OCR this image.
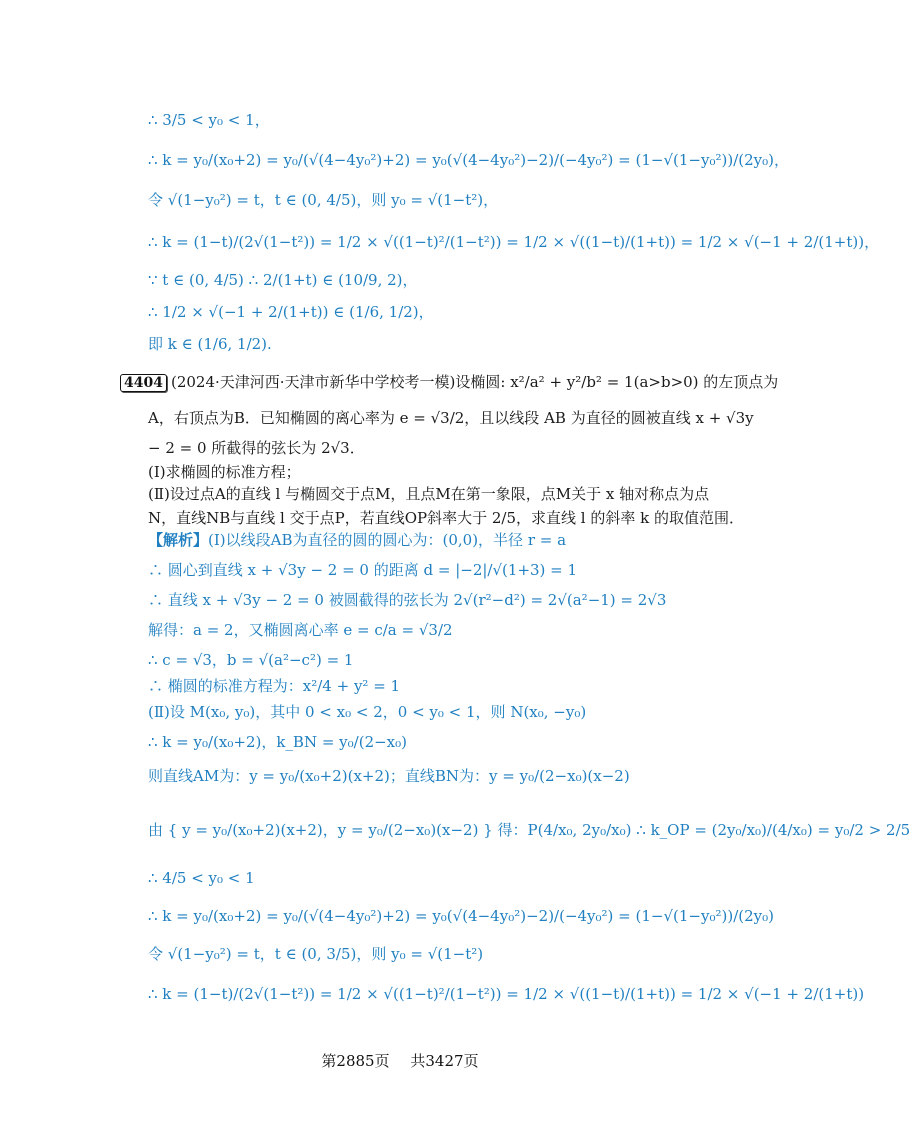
∴ 3/5 < y₀ < 1，
∴ k = y₀/(x₀+2) = y₀/(√(4−4y₀²)+2) = y₀(√(4−4y₀²)−2)/(−4y₀²) = (1−√(1−y₀²))/(2y₀)，
令 √(1−y₀²) = t，t ∈ (0, 4/5)，则 y₀ = √(1−t²)，
∴ k = (1−t)/(2√(1−t²)) = 1/2 × √((1−t)²/(1−t²)) = 1/2 × √((1−t)/(1+t)) = 1/2 × √(−1 + 2/(1+t))，
∵ t ∈ (0, 4/5) ∴ 2/(1+t) ∈ (10/9, 2)，
∴ 1/2 × √(−1 + 2/(1+t)) ∈ (1/6, 1/2)，
即 k ∈ (1/6, 1/2).
4404 (2024·天津河西·天津市新华中学校考一模)设椭圆: x²/a² + y²/b² = 1(a>b>0) 的左顶点为
A，右顶点为B．已知椭圆的离心率为 e = √3/2，且以线段 AB 为直径的圆被直线 x + √3y
− 2 = 0 所截得的弦长为 2√3．
(Ⅰ)求椭圆的标准方程；
(Ⅱ)设过点A的直线 l 与椭圆交于点M，且点M在第一象限，点M关于 x 轴对称点为点
N，直线NB与直线 l 交于点P，若直线OP斜率大于 2/5，求直线 l 的斜率 k 的取值范围．
【解析】(Ⅰ)以线段AB为直径的圆的圆心为：(0,0)，半径 r = a
∴ 圆心到直线 x + √3y − 2 = 0 的距离 d = |−2|/√(1+3) = 1
∴ 直线 x + √3y − 2 = 0 被圆截得的弦长为 2√(r²−d²) = 2√(a²−1) = 2√3
解得：a = 2，又椭圆离心率 e = c/a = √3/2
∴ c = √3，b = √(a²−c²) = 1
∴ 椭圆的标准方程为：x²/4 + y² = 1
(Ⅱ)设 M(x₀, y₀)，其中 0 < x₀ < 2，0 < y₀ < 1，则 N(x₀, −y₀)
∴ k = y₀/(x₀+2)，k_BN = y₀/(2−x₀)
则直线AM为：y = y₀/(x₀+2)(x+2)；直线BN为：y = y₀/(2−x₀)(x−2)
由 { y = y₀/(x₀+2)(x+2)，y = y₀/(2−x₀)(x−2) } 得：P(4/x₀, 2y₀/x₀) ∴ k_OP = (2y₀/x₀)/(4/x₀) = y₀/2 > 2/5
∴ 4/5 < y₀ < 1
∴ k = y₀/(x₀+2) = y₀/(√(4−4y₀²)+2) = y₀(√(4−4y₀²)−2)/(−4y₀²) = (1−√(1−y₀²))/(2y₀)
令 √(1−y₀²) = t，t ∈ (0, 3/5)，则 y₀ = √(1−t²)
∴ k = (1−t)/(2√(1−t²)) = 1/2 × √((1−t)²/(1−t²)) = 1/2 × √((1−t)/(1+t)) = 1/2 × √(−1 + 2/(1+t))
第2885页 共3427页
